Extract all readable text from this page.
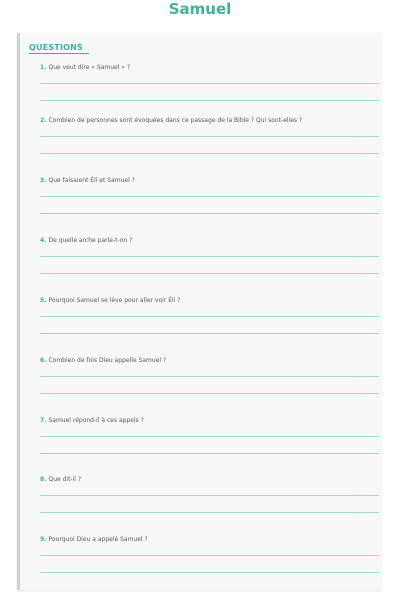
Samuel
QUESTIONS
1. Que veut dire « Samuel » ?
2. Combien de personnes sont évoquées dans ce passage de la Bible ? Qui sont-elles ?
3. Que faisaient Éli et Samuel ?
4. De quelle arche parle-t-on ?
5. Pourquoi Samuel se lève pour aller voir Éli ?
6. Combien de fois Dieu appelle Samuel ?
7. Samuel répond-il à ces appels ?
8. Que dit-il ?
9. Pourquoi Dieu a appelé Samuel ?
